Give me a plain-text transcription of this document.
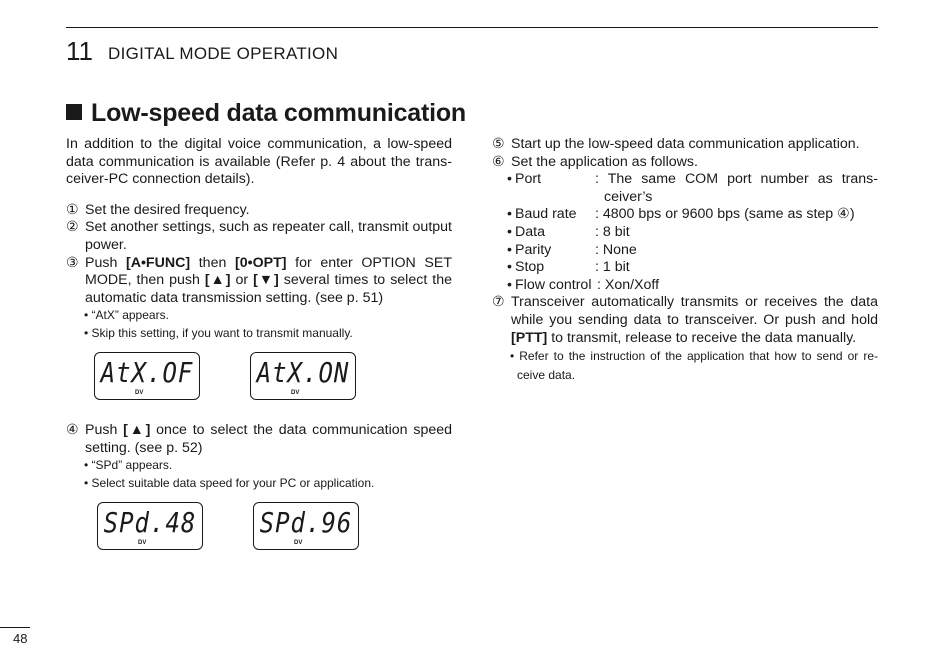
11 DIGITAL MODE OPERATION
Low-speed data communication

In addition to the digital voice communication, a low-speed data communication is available (Refer p. 4 about the trans-ceiver-PC connection details).

① Set the desired frequency.

② Set another settings, such as repeater call, transmit output power.

③ Push [A•FUNC] then [0•OPT] for enter OPTION SET MODE, then push [▲] or [▼] several times to select the automatic data transmission setting. (see p. 51)

• “AtX” appears.

• Skip this setting, if you want to transmit manually.

AtX.OF
DV
AtX.ON
DV

④ Push [▲] once to select the data communication speed setting. (see p. 52)

• “SPd” appears.

• Select suitable data speed for your PC or application.

SPd.48
DV
SPd.96
DV

⑤ Start up the low-speed data communication application.

⑥ Set the application as follows.

• Port	: The same COM port number as trans-
ceiver’s
• Baud rate : 4800 bps or 9600 bps (same as step ④)
• Data	: 8 bit
• Parity	: None
• Stop	: 1 bit
• Flow control : Xon/Xoff

⑦ Transceiver automatically transmits or receives the data while you sending data to transceiver. Or push and hold [PTT] to transmit, release to receive the data manually.

• Refer to the instruction of the application that how to send or re-ceive data.

48
